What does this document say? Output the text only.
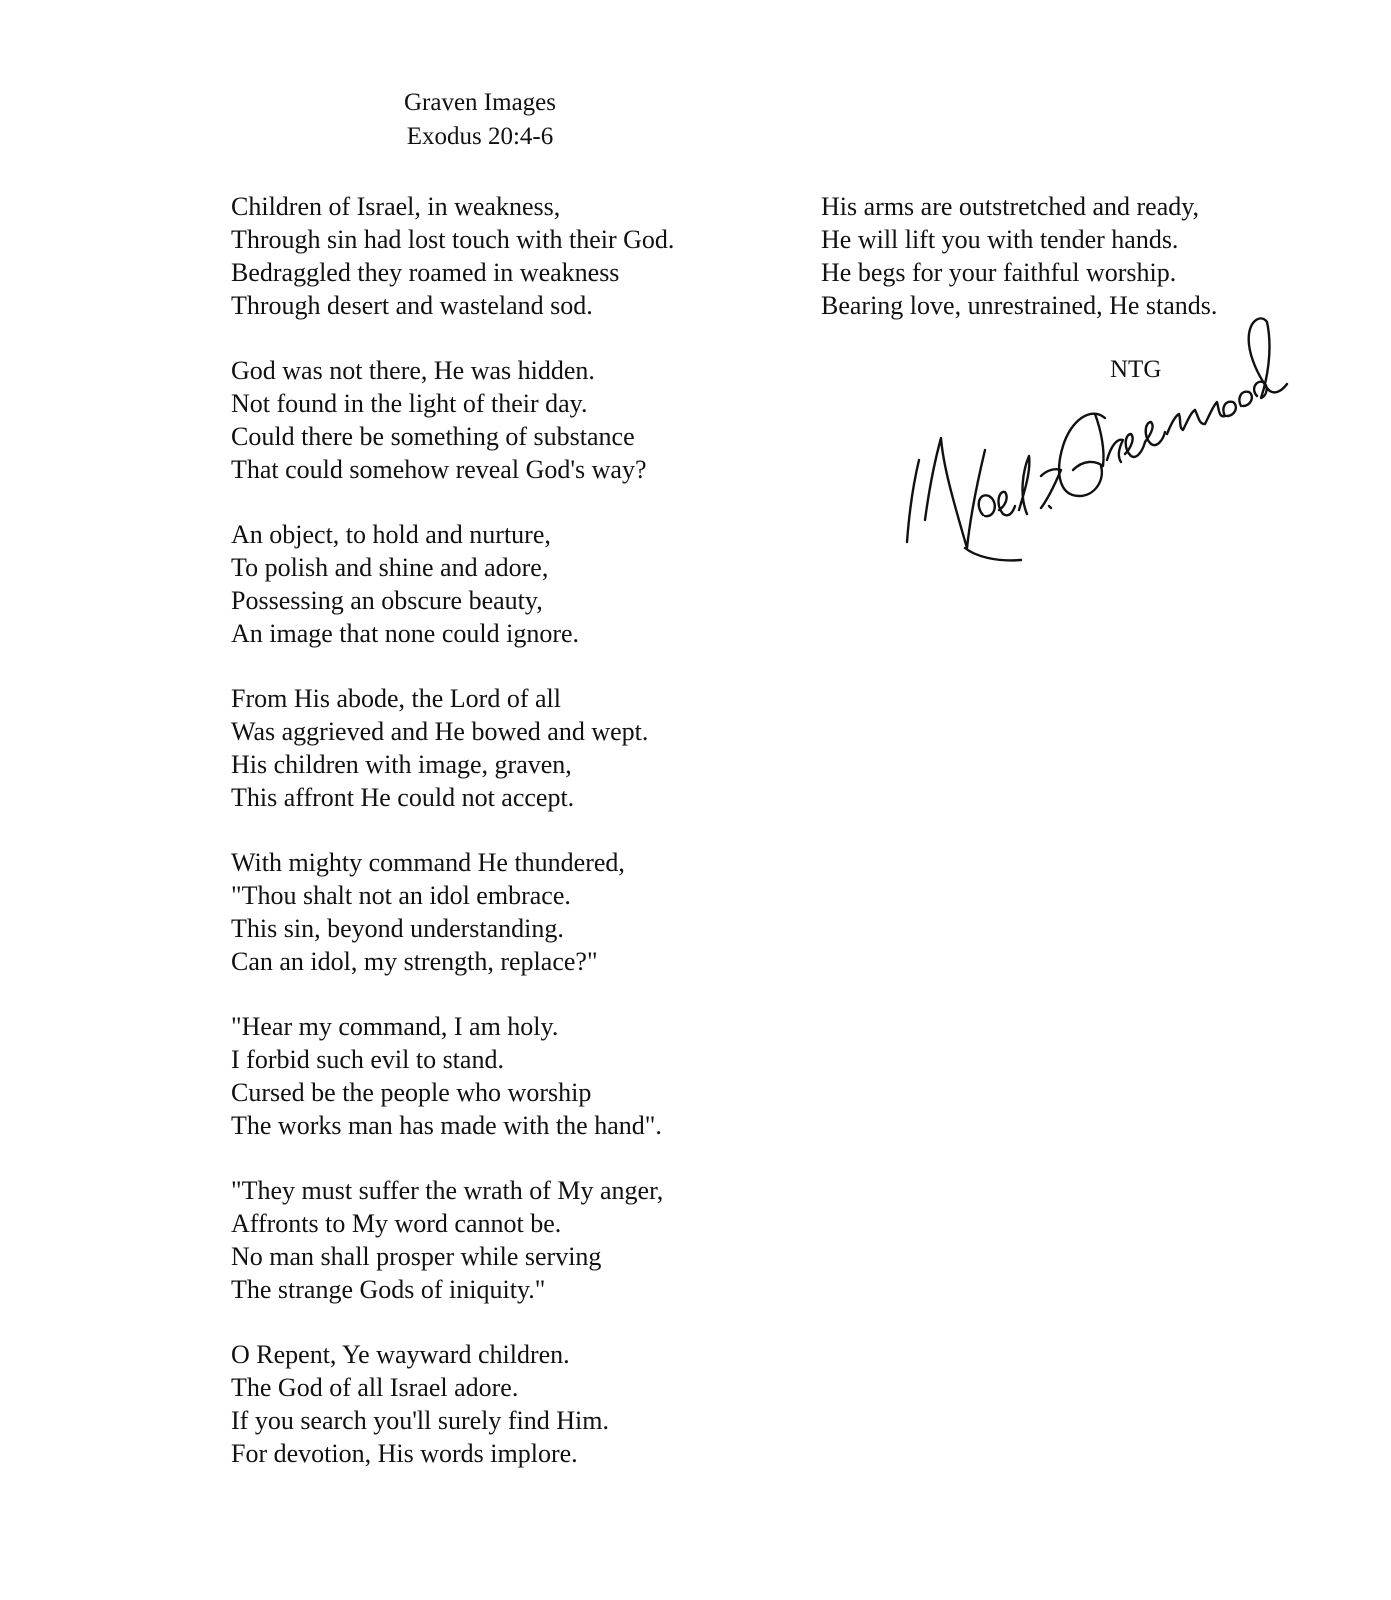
Graven Images
Exodus 20:4-6
Children of Israel, in weakness,
Through sin had lost touch with their God.
Bedraggled they roamed in weakness
Through desert and wasteland sod.
God was not there, He was hidden.
Not found in the light of their day.
Could there be something of substance
That could somehow reveal God's way?
An object, to hold and nurture,
To polish and shine and adore,
Possessing an obscure beauty,
An image that none could ignore.
From His abode, the Lord of all
Was aggrieved and He bowed and wept.
His children with image, graven,
This affront He could not accept.
With mighty command He thundered,
"Thou shalt not an idol embrace.
This sin, beyond understanding.
Can an idol, my strength, replace?"
"Hear my command, I am holy.
I forbid such evil to stand.
Cursed be the people who worship
The works man has made with the hand".
"They must suffer the wrath of My anger,
Affronts to My word cannot be.
No man shall prosper while serving
The strange Gods of iniquity."
O Repent, Ye wayward children.
The God of all Israel adore.
If you search you'll surely find Him.
For devotion, His words implore.
His arms are outstretched and ready,
He will lift you with tender hands.
He begs for your faithful worship.
Bearing love, unrestrained, He stands.
NTG
